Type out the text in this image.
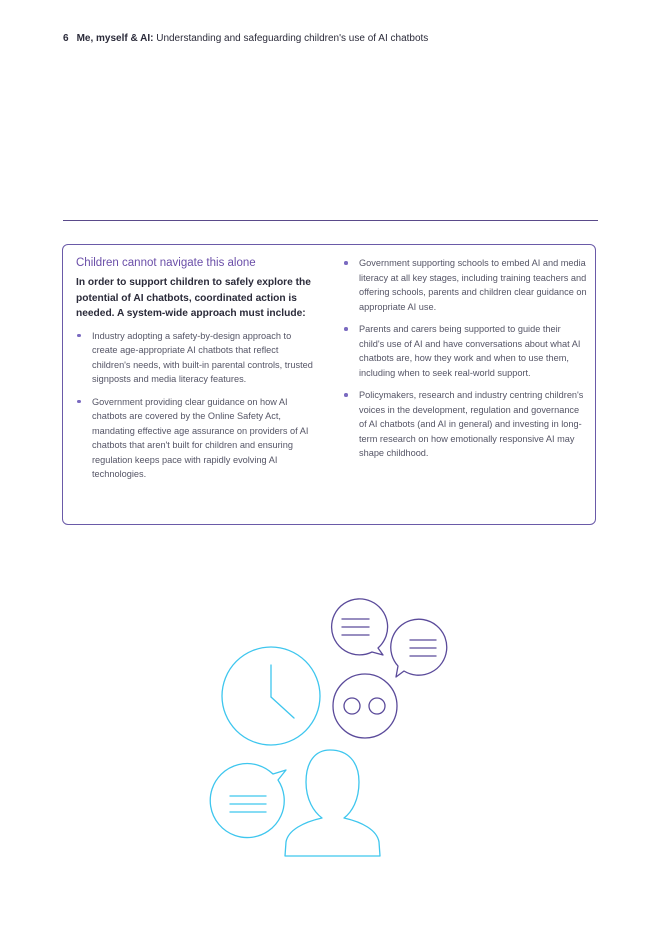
6 Me, myself & AI: Understanding and safeguarding children's use of AI chatbots
Children cannot navigate this alone

In order to support children to safely explore the potential of AI chatbots, coordinated action is needed. A system-wide approach must include:

Industry adopting a safety-by-design approach to create age-appropriate AI chatbots that reflect children's needs, with built-in parental controls, trusted signposts and media literacy features.
Government providing clear guidance on how AI chatbots are covered by the Online Safety Act, mandating effective age assurance on providers of AI chatbots that aren't built for children and ensuring regulation keeps pace with rapidly evolving AI technologies.
Government supporting schools to embed AI and media literacy at all key stages, including training teachers and offering schools, parents and children clear guidance on appropriate AI use.
Parents and carers being supported to guide their child's use of AI and have conversations about what AI chatbots are, how they work and when to use them, including when to seek real-world support.
Policymakers, research and industry centring children's voices in the development, regulation and governance of AI chatbots (and AI in general) and investing in long-term research on how emotionally responsive AI may shape childhood.
